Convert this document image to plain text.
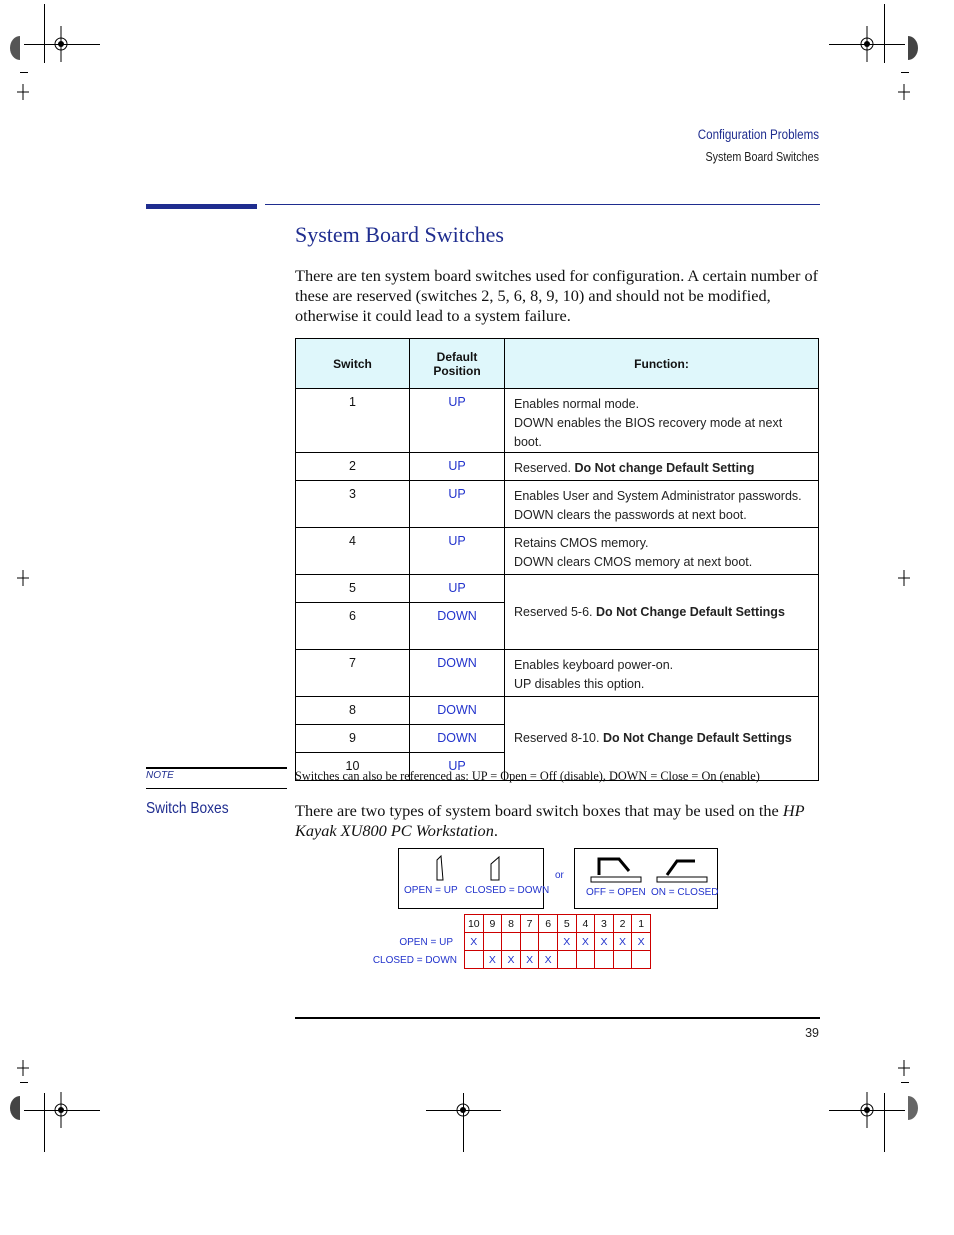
Configuration Problems
System Board Switches
System Board Switches
There are ten system board switches used for configuration. A certain number of these are reserved (switches 2, 5, 6, 8, 9, 10) and should not be modified, otherwise it could lead to a system failure.
Switch	Default
Position	Function:
1	UP	Enables normal mode.
DOWN enables the BIOS recovery mode at next boot.
2	UP	Reserved. Do Not change Default Setting
3	UP	Enables User and System Administrator passwords.
DOWN clears the passwords at next boot.
4	UP	Retains CMOS memory.
DOWN clears CMOS memory at next boot.
5	UP	Reserved 5-6. Do Not Change Default Settings
6	DOWN	
7	DOWN	Enables keyboard power-on.
UP disables this option.
8	DOWN	Reserved 8-10. Do Not Change Default Settings
9	DOWN	
10	UP	
NOTE	Switches can also be referenced as: UP = Open = Off (disable), DOWN = Close = On (enable)
Switch Boxes	There are two types of system board switch boxes that may be used on the HP Kayak XU800 PC Workstation.
OPEN = UP CLOSED = DOWN
or
OFF = OPEN ON = CLOSED
OPEN = UP
CLOSED = DOWN
10	9	8	7	6	5	4	3	2	1
X					X	X	X	X	X
	X	X	X	X					
39
